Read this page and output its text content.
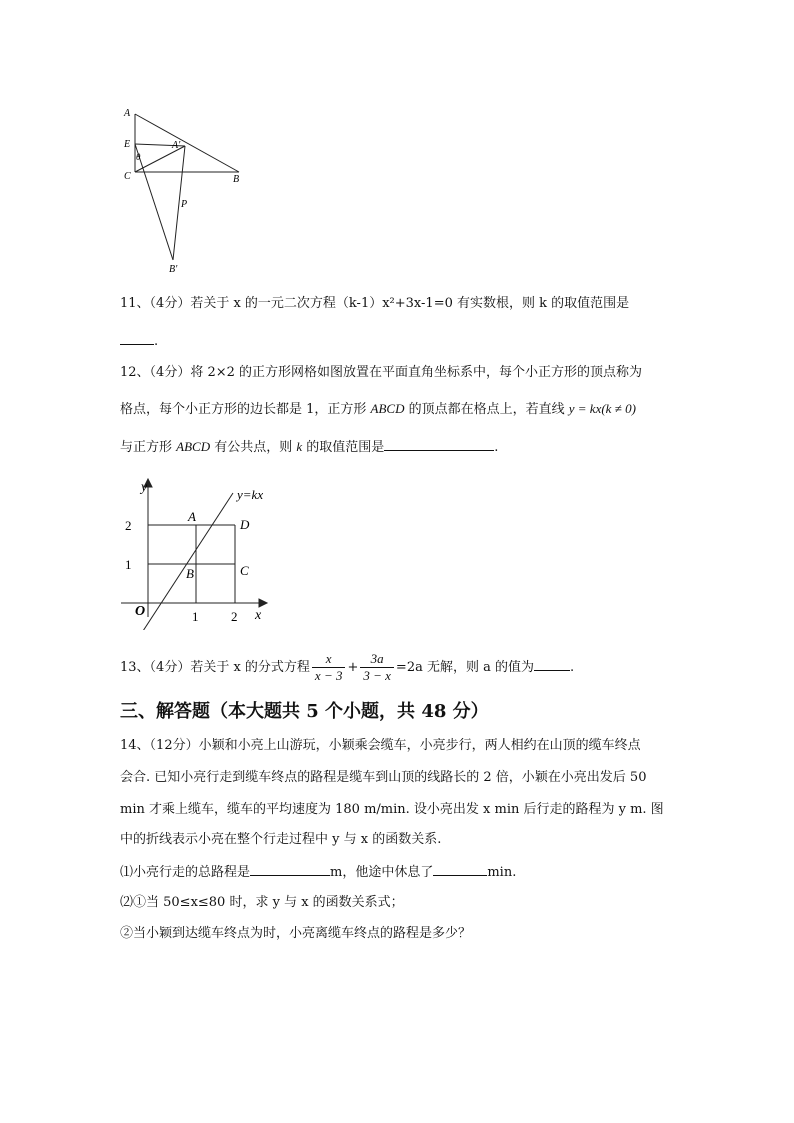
A
E
θ
C
A'
B
P
B'
11、（4分）若关于 x 的一元二次方程（k-1）x²+3x-1=0 有实数根，则 k 的取值范围是
.
12、（4分）将 2×2 的正方形网格如图放置在平面直角坐标系中，每个小正方形的顶点称为
格点，每个小正方形的边长都是 1，正方形 ABCD 的顶点都在格点上，若直线 y = kx(k ≠ 0)
与正方形 ABCD 有公共点，则 k 的取值范围是	.
y	y=kx
2
1
O	1	2 x
A
D
B	C
13、（4分）若关于 x 的分式方程 $\frac{x}{x - 3} + \frac{3a}{3 - x} =2a$ 无解，则 a 的值为	.
三、解答题（本大题共 5 个小题，共 48 分）
14、（12分）小颖和小亮上山游玩，小颖乘会缆车，小亮步行，两人相约在山顶的缆车终点
会合. 已知小亮行走到缆车终点的路程是缆车到山顶的线路长的 2 倍，小颖在小亮出发后 50
min 才乘上缆车，缆车的平均速度为 180 m/min. 设小亮出发 x min 后行走的路程为 y m. 图
中的折线表示小亮在整个行走过程中 y 与 x 的函数关系.
⑴小亮行走的总路程是	m，他途中休息了	min.
⑵①当 50≤x≤80 时，求 y 与 x 的函数关系式；
②当小颖到达缆车终点为时，小亮离缆车终点的路程是多少？
